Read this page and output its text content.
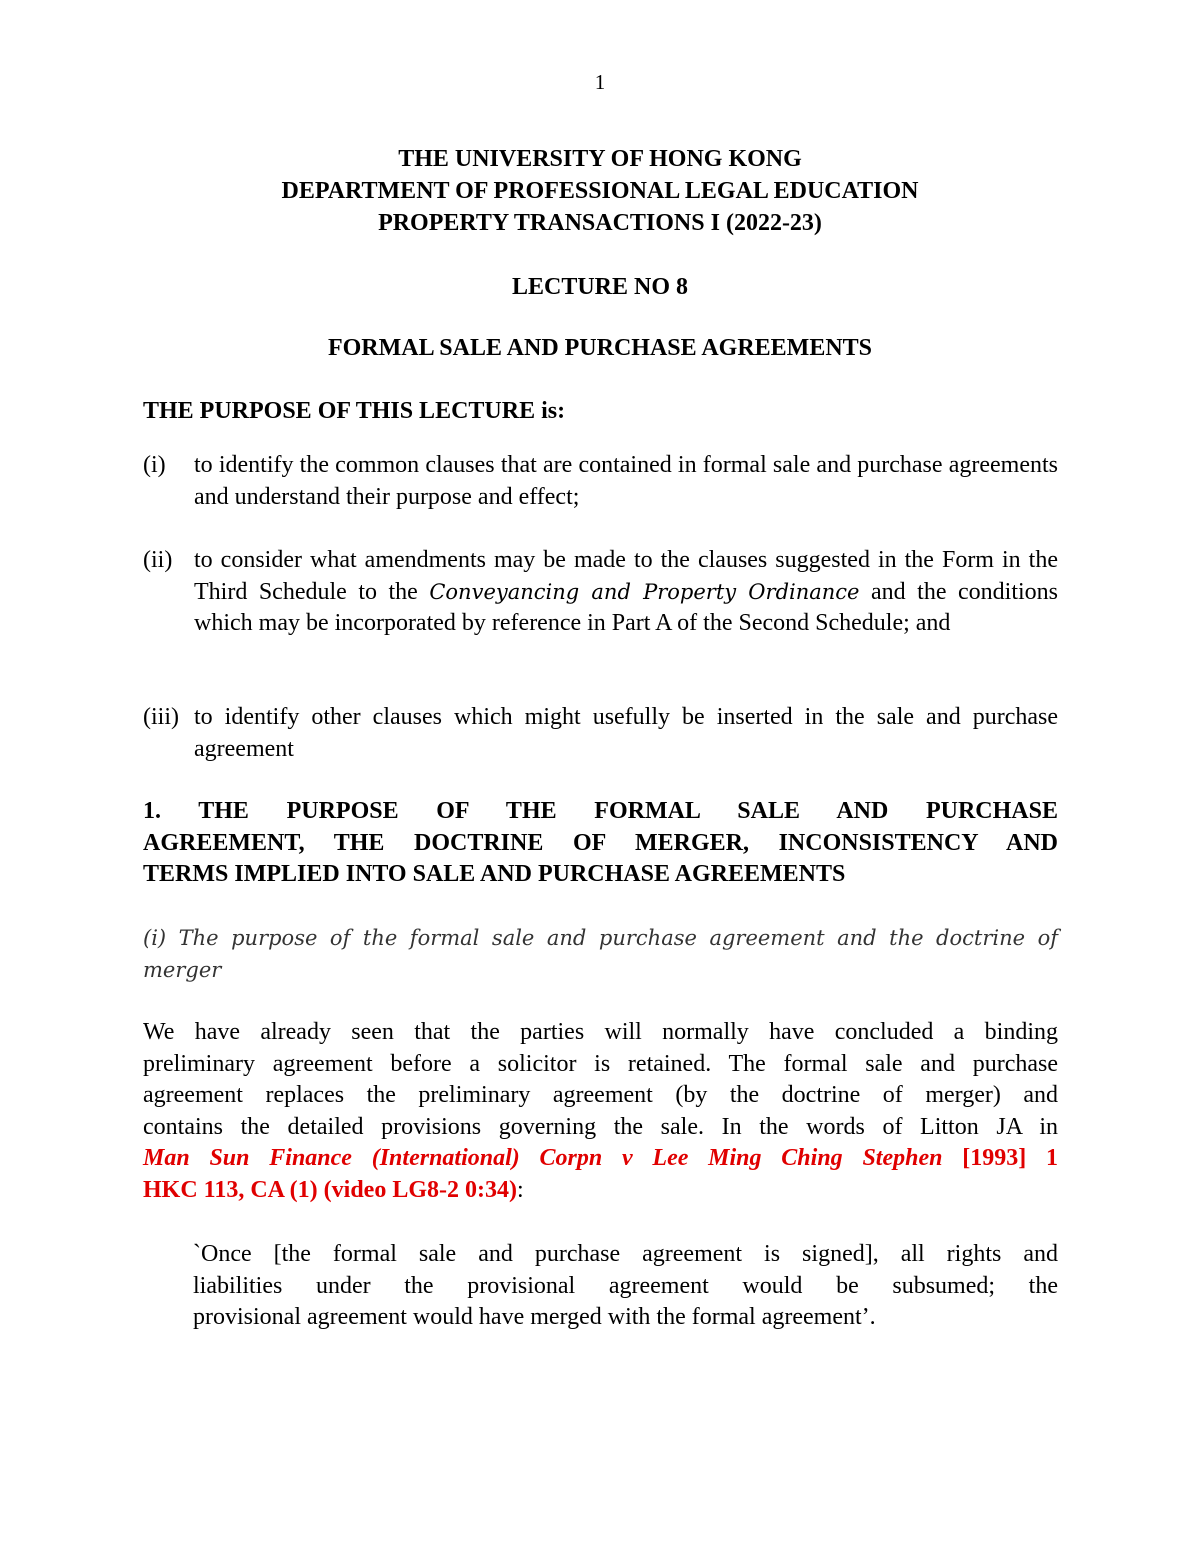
1
THE UNIVERSITY OF HONG KONG
DEPARTMENT OF PROFESSIONAL LEGAL EDUCATION
PROPERTY TRANSACTIONS I (2022-23)
LECTURE NO 8
FORMAL SALE AND PURCHASE AGREEMENTS
THE PURPOSE OF THIS LECTURE is:
(i) to identify the common clauses that are contained in formal sale and purchase agreements and understand their purpose and effect;
(ii) to consider what amendments may be made to the clauses suggested in the Form in the Third Schedule to the Conveyancing and Property Ordinance and the conditions which may be incorporated by reference in Part A of the Second Schedule; and
(iii) to identify other clauses which might usefully be inserted in the sale and purchase agreement
1. THE PURPOSE OF THE FORMAL SALE AND PURCHASE
AGREEMENT, THE DOCTRINE OF MERGER, INCONSISTENCY AND
TERMS IMPLIED INTO SALE AND PURCHASE AGREEMENTS
(i) The purpose of the formal sale and purchase agreement and the doctrine of
merger
We have already seen that the parties will normally have concluded a binding
preliminary agreement before a solicitor is retained. The formal sale and purchase
agreement replaces the preliminary agreement (by the doctrine of merger) and
contains the detailed provisions governing the sale. In the words of Litton JA in
Man Sun Finance (International) Corpn v Lee Ming Ching Stephen [1993] 1
HKC 113, CA (1) (video LG8-2 0:34):
`Once [the formal sale and purchase agreement is signed], all rights and
liabilities under the provisional agreement would be subsumed; the
provisional agreement would have merged with the formal agreement’.
